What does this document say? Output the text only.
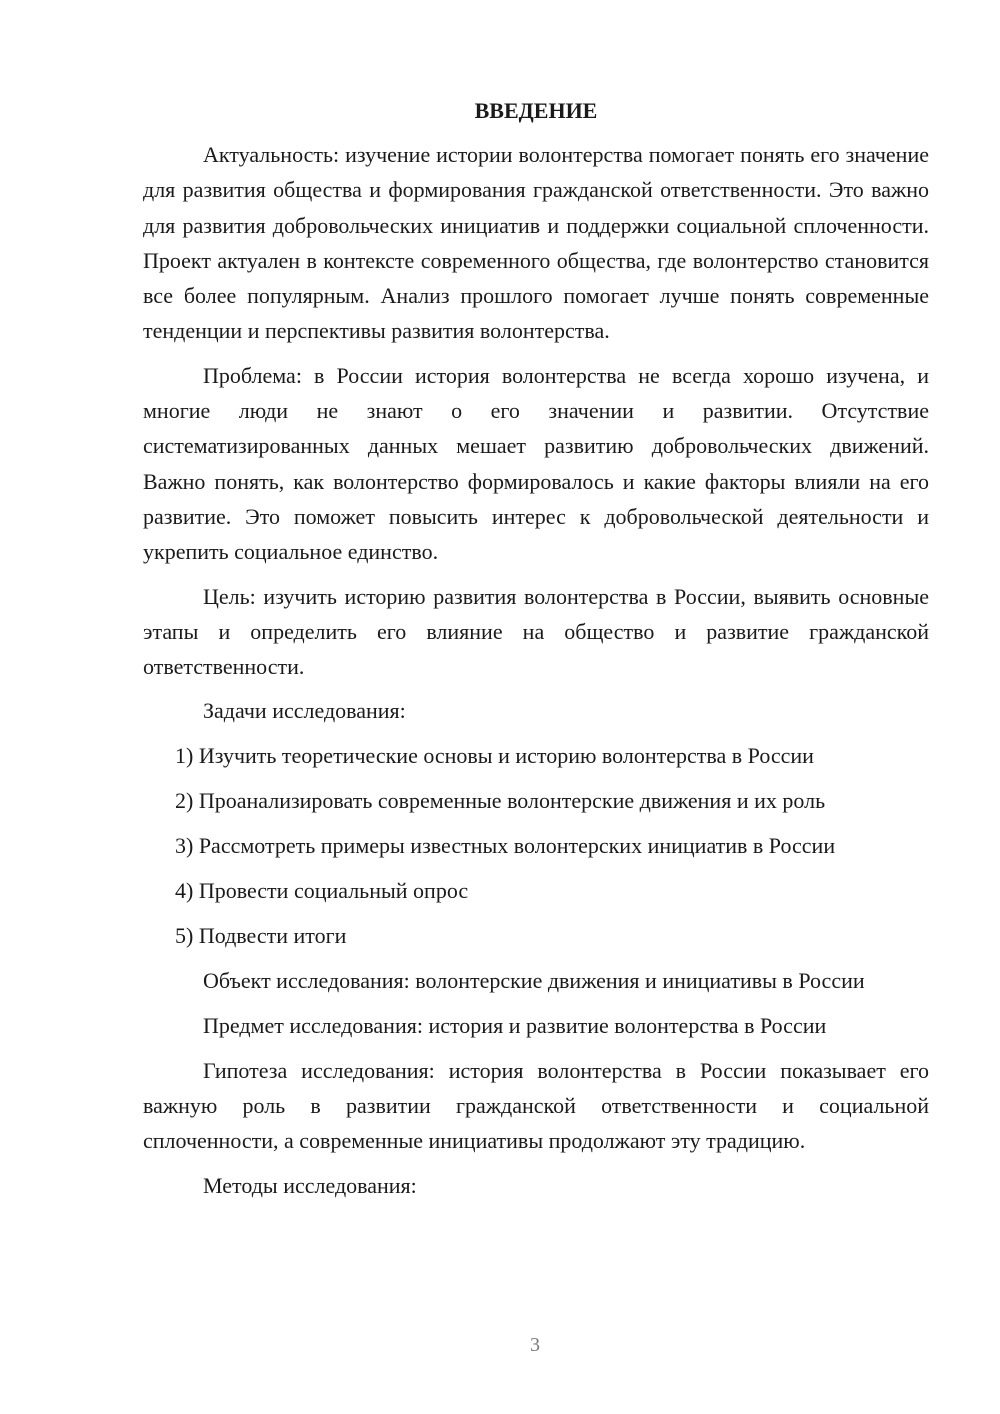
ВВЕДЕНИЕ

Актуальность: изучение истории волонтерства помогает понять его значение для развития общества и формирования гражданской ответственности. Это важно для развития добровольческих инициатив и поддержки социальной сплоченности. Проект актуален в контексте современного общества, где волонтерство становится все более популярным. Анализ прошлого помогает лучше понять современные тенденции и перспективы развития волонтерства.

Проблема: в России история волонтерства не всегда хорошо изучена, и многие люди не знают о его значении и развитии. Отсутствие систематизированных данных мешает развитию добровольческих движений. Важно понять, как волонтерство формировалось и какие факторы влияли на его развитие. Это поможет повысить интерес к добровольческой деятельности и укрепить социальное единство.

Цель: изучить историю развития волонтерства в России, выявить основные этапы и определить его влияние на общество и развитие гражданской ответственности.

Задачи исследования:
1) Изучить теоретические основы и историю волонтерства в России
2) Проанализировать современные волонтерские движения и их роль
3) Рассмотреть примеры известных волонтерских инициатив в России
4) Провести социальный опрос
5) Подвести итоги

Объект исследования: волонтерские движения и инициативы в России

Предмет исследования: история и развитие волонтерства в России

Гипотеза исследования: история волонтерства в России показывает его важную роль в развитии гражданской ответственности и социальной сплоченности, а современные инициативы продолжают эту традицию.

Методы исследования:
3
